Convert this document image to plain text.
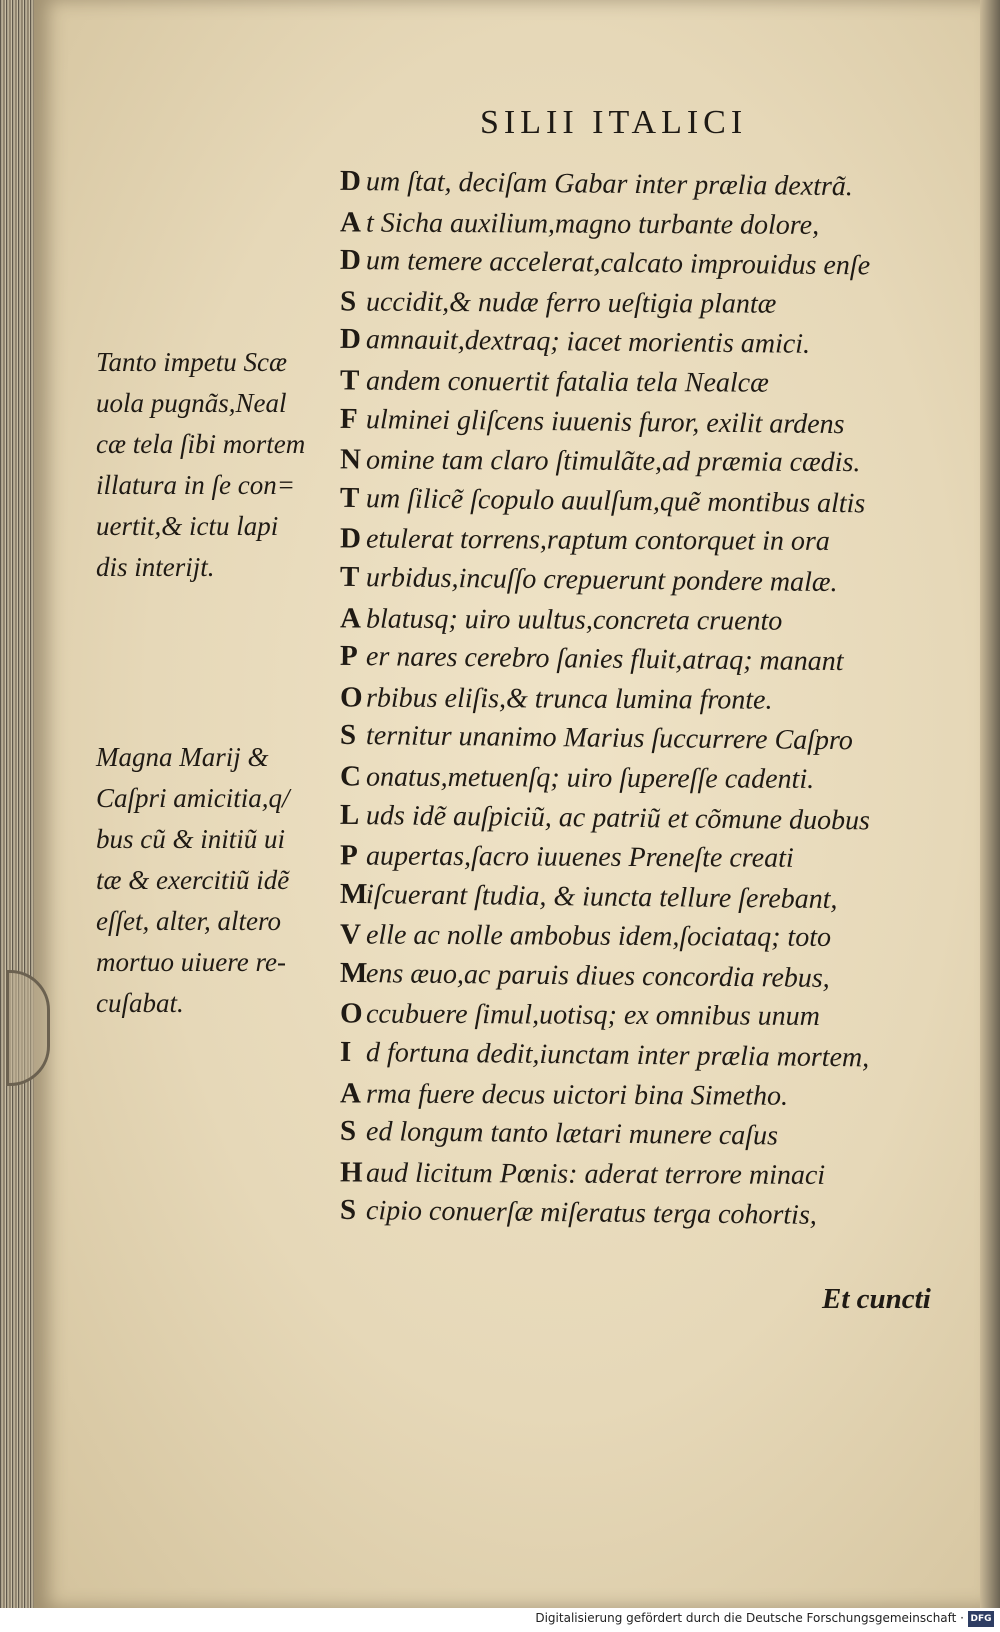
SILII ITALICI
D um ſtat, deciſam Gabar inter prælia dextrã.
A t Sicha auxilium,magno turbante dolore,
D um temere accelerat,calcato improuidus enſe
S uccidit,& nudæ ferro ueſtigia plantæ
D amnauit,dextraq; iacet morientis amici.
T andem conuertit fatalia tela Nealcæ
F ulminei gliſcens iuuenis furor, exilit ardens
N omine tam claro ſtimulãte,ad præmia cædis.
T um ſilicẽ ſcopulo auulſum,quẽ montibus altis
D etulerat torrens,raptum contorquet in ora
T urbidus,incuſſo crepuerunt pondere malæ.
A blatusq; uiro uultus,concreta cruento
P er nares cerebro ſanies fluit,atraq; manant
O rbibus eliſis,& trunca lumina fronte.
S ternitur unanimo Marius ſuccurrere Caſpro
C onatus,metuenſq; uiro ſupereſſe cadenti.
L uds idẽ auſpiciũ, ac patriũ et cõmune duobus
P aupertas,ſacro iuuenes Preneſte creati
Miſcuerant ſtudia, & iuncta tellure ſerebant,
V elle ac nolle ambobus idem,ſociataq; toto
Mens æuo,ac paruis diues concordia rebus,
O ccubuere ſimul,uotisq; ex omnibus unum
I d fortuna dedit,iunctam inter prælia mortem,
A rma fuere decus uictori bina Simetho.
S ed longum tanto lætari munere caſus
H aud licitum Pœnis: aderat terrore minaci
S cipio conuerſæ miſeratus terga cohortis,
Tanto impetu Scæ
uola pugnãs,Neal
cæ tela ſibi mortem
illatura in ſe con=
uertit,& ictu lapi
dis interijt.
Magna Marij &
Caſpri amicitia,q/
bus cũ & initiũ ui
tæ & exercitiũ idẽ
eſſet, alter, altero
mortuo uiuere re-
cuſabat.
Et cuncti
Digitalisierung gefördert durch die Deutsche Forschungsgemeinschaft · DFG
